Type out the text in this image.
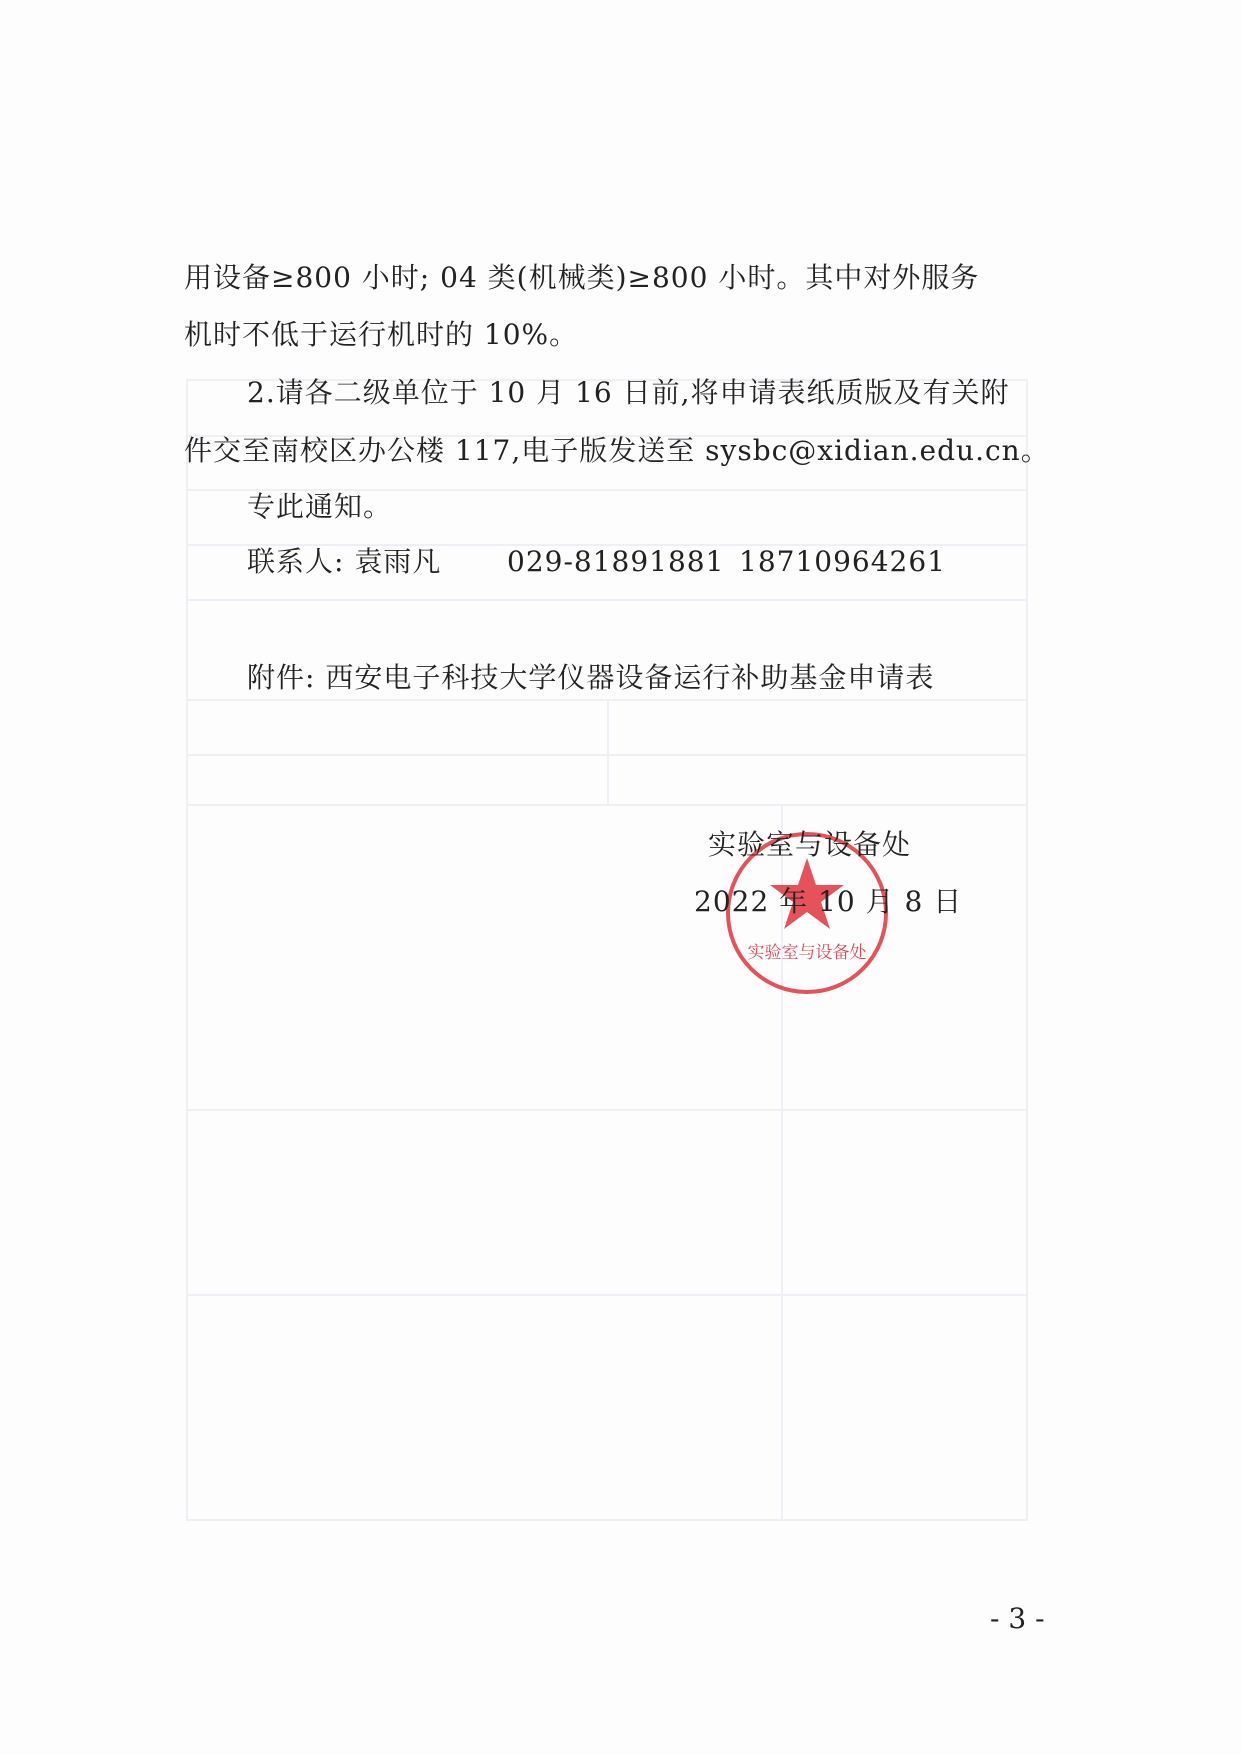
用设备≥800 小时; 04 类(机械类)≥800 小时。其中对外服务
机时不低于运行机时的 10%。
2.请各二级单位于 10 月 16 日前,将申请表纸质版及有关附
件交至南校区办公楼 117,电子版发送至 sysbc@xidian.edu.cn。
专此通知。
联系人: 袁雨凡 029-81891881 18710964261
附件: 西安电子科技大学仪器设备运行补助基金申请表
实验室与设备处
实验室与设备处
2022 年 10 月 8 日
- 3 -
